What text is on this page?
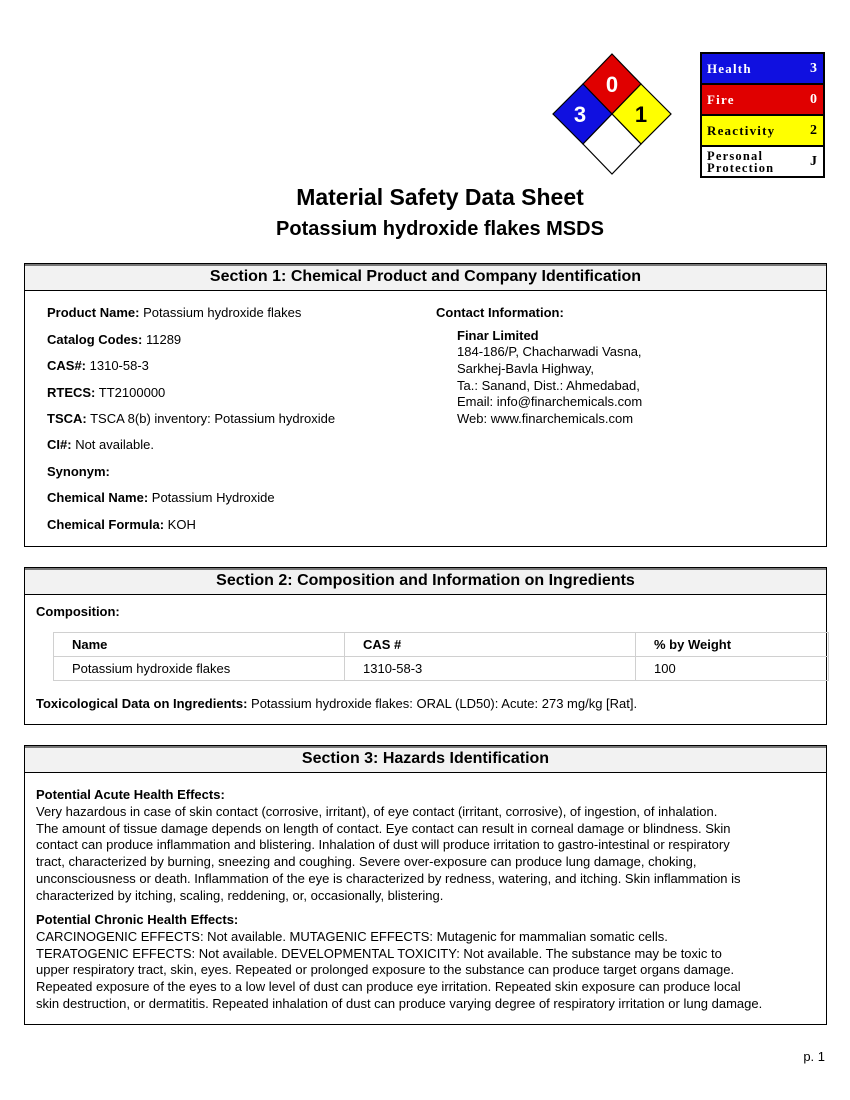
0
3 1
Health	3
Fire	0
Reactivity 2
Personal
Protection	J
Material Safety Data Sheet
Potassium hydroxide flakes MSDS
Section 1: Chemical Product and Company Identification
Product Name: Potassium hydroxide flakes
Catalog Codes: 11289
CAS#: 1310-58-3
RTECS: TT2100000
TSCA: TSCA 8(b) inventory: Potassium hydroxide
CI#: Not available.
Synonym:
Chemical Name: Potassium Hydroxide
Chemical Formula: KOH
Contact Information:
Finar Limited
184-186/P, Chacharwadi Vasna,
Sarkhej-Bavla Highway,
Ta.: Sanand, Dist.: Ahmedabad,
Email: info@finarchemicals.com
Web: www.finarchemicals.com
Section 2: Composition and Information on Ingredients
Composition:
Name	CAS #	% by Weight
Potassium hydroxide flakes	1310-58-3	100
Toxicological Data on Ingredients: Potassium hydroxide flakes: ORAL (LD50): Acute: 273 mg/kg [Rat].
Section 3: Hazards Identification
Potential Acute Health Effects:
Very hazardous in case of skin contact (corrosive, irritant), of eye contact (irritant, corrosive), of ingestion, of inhalation.
The amount of tissue damage depends on length of contact. Eye contact can result in corneal damage or blindness. Skin
contact can produce inflammation and blistering. Inhalation of dust will produce irritation to gastro-intestinal or respiratory
tract, characterized by burning, sneezing and coughing. Severe over-exposure can produce lung damage, choking,
unconsciousness or death. Inflammation of the eye is characterized by redness, watering, and itching. Skin inflammation is
characterized by itching, scaling, reddening, or, occasionally, blistering.
Potential Chronic Health Effects:
CARCINOGENIC EFFECTS: Not available. MUTAGENIC EFFECTS: Mutagenic for mammalian somatic cells.
TERATOGENIC EFFECTS: Not available. DEVELOPMENTAL TOXICITY: Not available. The substance may be toxic to
upper respiratory tract, skin, eyes. Repeated or prolonged exposure to the substance can produce target organs damage.
Repeated exposure of the eyes to a low level of dust can produce eye irritation. Repeated skin exposure can produce local
skin destruction, or dermatitis. Repeated inhalation of dust can produce varying degree of respiratory irritation or lung damage.
p. 1
